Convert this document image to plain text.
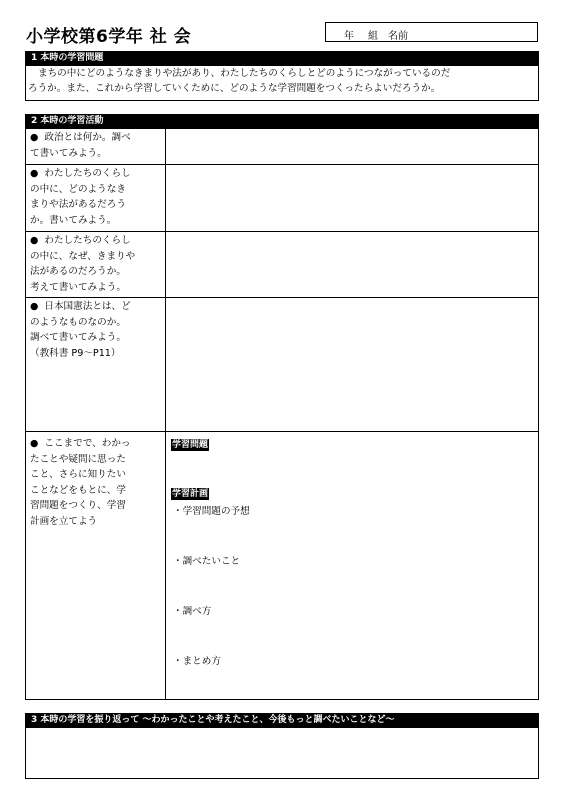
小学校第6学年 社 会	年 組 名前
1 本時の学習問題
まちの中にどのようなきまりや法があり、わたしたちのくらしとどのようにつながっているのだ
ろうか。また、これから学習していくために、どのような学習問題をつくったらよいだろうか。
2 本時の学習活動
● 政治とは何か。調べ
て書いてみよう。
● わたしたちのくらし
の中に、どのようなき
まりや法があるだろう
か。書いてみよう。
● わたしたちのくらし
の中に、なぜ、きまりや
法があるのだろうか。
考えて書いてみよう。
● 日本国憲法とは、ど
のようなものなのか。
調べて書いてみよう。
（教科書 P9～P11）
● ここまでで、わかっ
たことや疑問に思った
こと、さらに知りたい
ことなどをもとに、学
習問題をつくり、学習
計画を立てよう
学習問題
学習計画
・学習問題の予想
・調べたいこと
・調べ方
・まとめ方
3 本時の学習を振り返って ～わかったことや考えたこと、今後もっと調べたいことなど～
